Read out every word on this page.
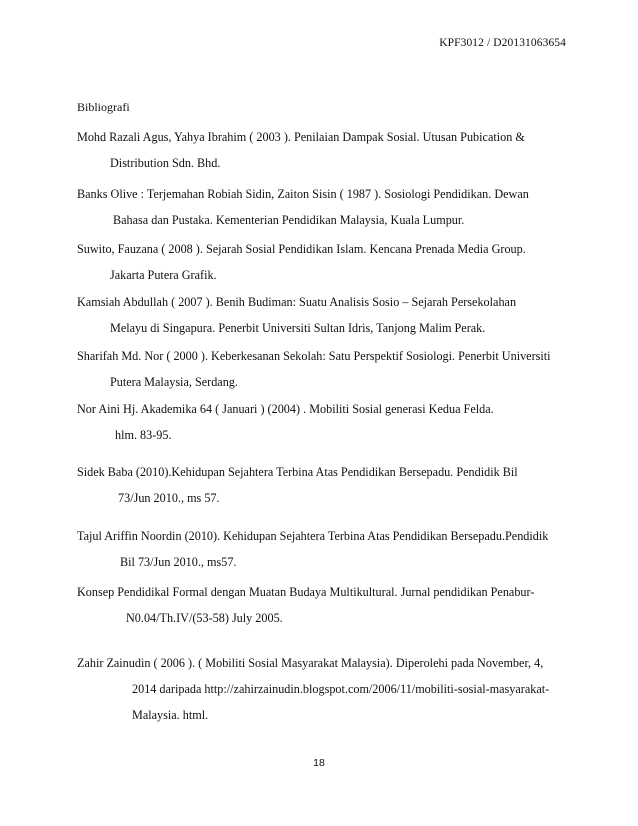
KPF3012 / D20131063654
Bibliografi
Mohd Razali Agus, Yahya Ibrahim ( 2003 ). Penilaian Dampak Sosial. Utusan Pubication &
Distribution Sdn. Bhd.
Banks Olive : Terjemahan Robiah Sidin, Zaiton Sisin ( 1987 ). Sosiologi Pendidikan. Dewan
Bahasa dan Pustaka. Kementerian Pendidikan Malaysia, Kuala Lumpur.
Suwito, Fauzana ( 2008 ). Sejarah Sosial Pendidikan Islam. Kencana Prenada Media Group.
Jakarta Putera Grafik.
Kamsiah Abdullah ( 2007 ). Benih Budiman: Suatu Analisis Sosio – Sejarah Persekolahan
Melayu di Singapura. Penerbit Universiti Sultan Idris, Tanjong Malim Perak.
Sharifah Md. Nor ( 2000 ). Keberkesanan Sekolah: Satu Perspektif Sosiologi. Penerbit Universiti
Putera Malaysia, Serdang.
Nor Aini Hj. Akademika 64 ( Januari ) (2004) . Mobiliti Sosial generasi Kedua Felda.
hlm. 83-95.
Sidek Baba (2010).Kehidupan Sejahtera Terbina Atas Pendidikan Bersepadu. Pendidik Bil
73/Jun 2010., ms 57.
Tajul Ariffin Noordin (2010). Kehidupan Sejahtera Terbina Atas Pendidikan Bersepadu.Pendidik
Bil 73/Jun 2010., ms57.
Konsep Pendidikal Formal dengan Muatan Budaya Multikultural. Jurnal pendidikan Penabur-
N0.04/Th.IV/(53-58) July 2005.
Zahir Zainudin ( 2006 ). ( Mobiliti Sosial Masyarakat Malaysia). Diperolehi pada November, 4,
2014 daripada http://zahirzainudin.blogspot.com/2006/11/mobiliti-sosial-masyarakat-
Malaysia. html.
18
